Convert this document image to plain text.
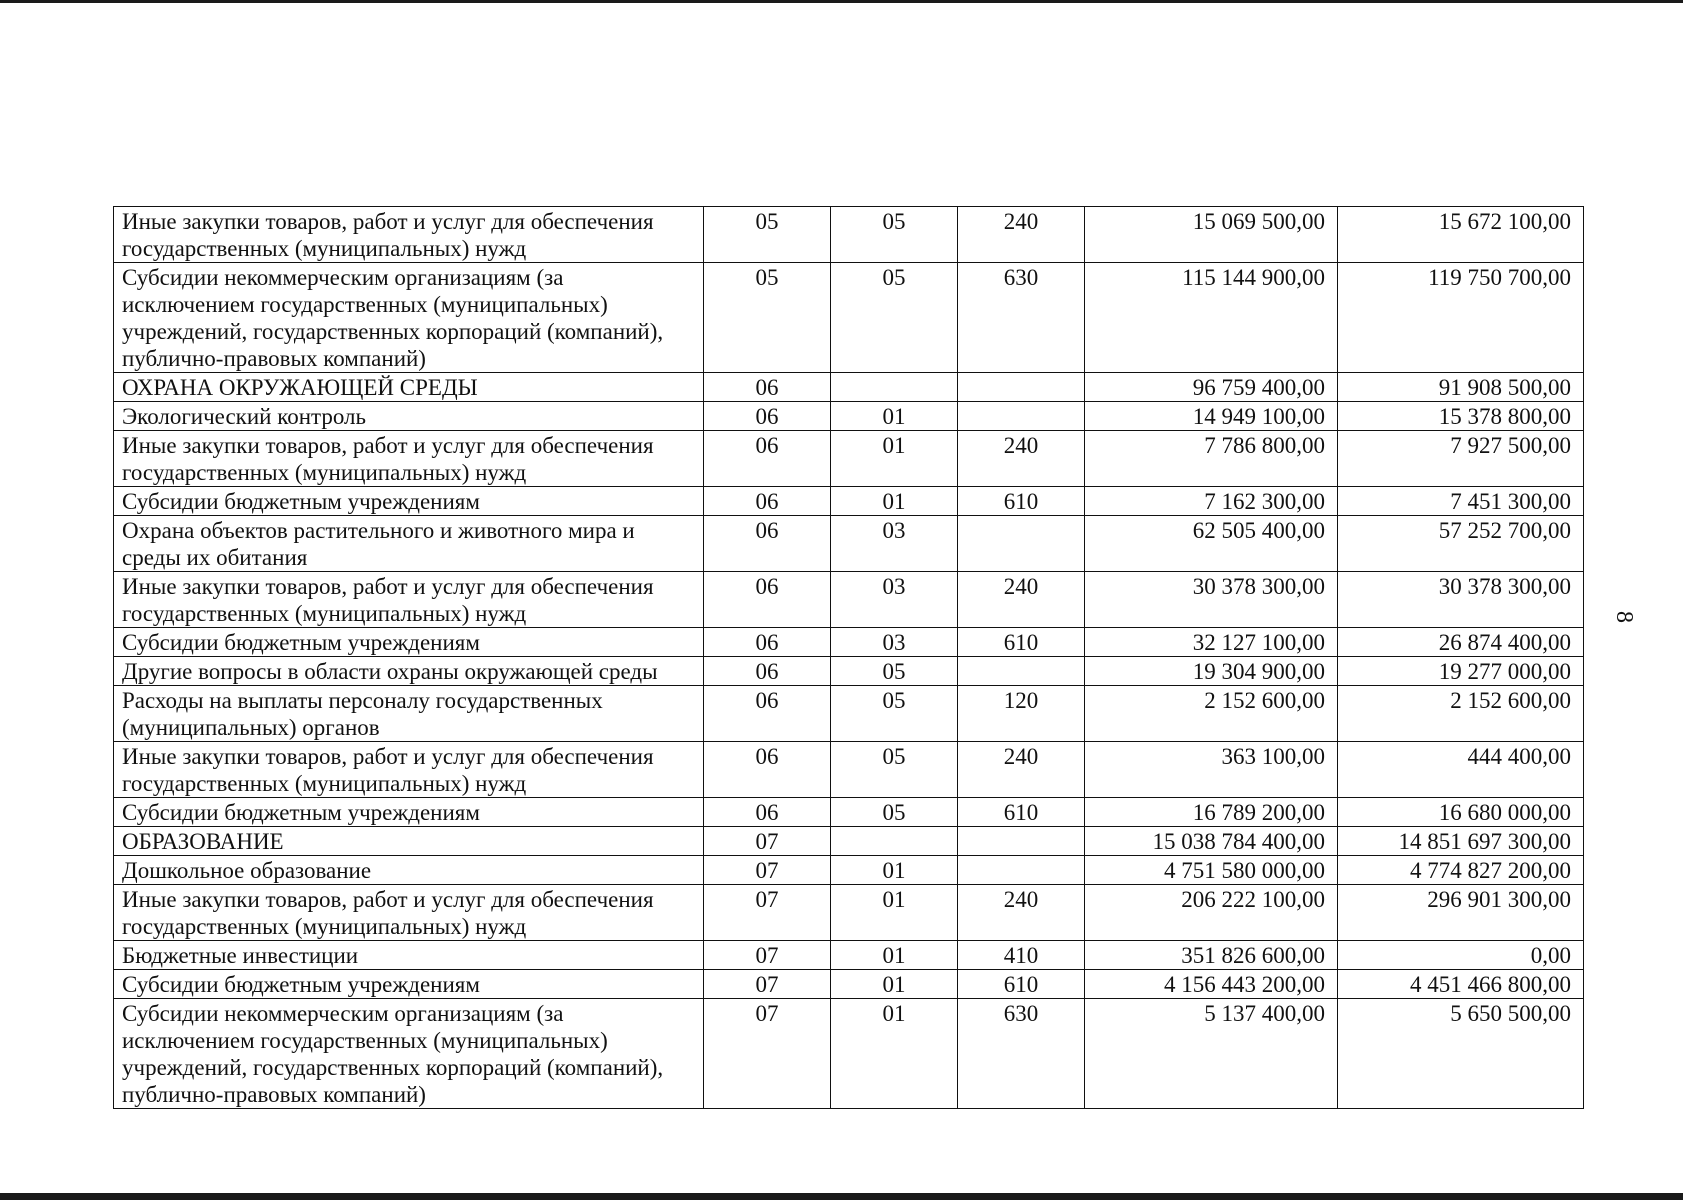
Иные закупки товаров, работ и услуг для обеспечения государственных (муниципальных) нужд	05	05	240	15 069 500,00	15 672 100,00
Субсидии некоммерческим организациям (за исключением государственных (муниципальных) учреждений, государственных корпораций (компаний), публично-правовых компаний)	05	05	630	115 144 900,00	119 750 700,00
ОХРАНА ОКРУЖАЮЩЕЙ СРЕДЫ	06			96 759 400,00	91 908 500,00
Экологический контроль	06	01		14 949 100,00	15 378 800,00
Иные закупки товаров, работ и услуг для обеспечения государственных (муниципальных) нужд	06	01	240	7 786 800,00	7 927 500,00
Субсидии бюджетным учреждениям	06	01	610	7 162 300,00	7 451 300,00
Охрана объектов растительного и животного мира и среды их обитания	06	03		62 505 400,00	57 252 700,00
Иные закупки товаров, работ и услуг для обеспечения государственных (муниципальных) нужд	06	03	240	30 378 300,00	30 378 300,00
Субсидии бюджетным учреждениям	06	03	610	32 127 100,00	26 874 400,00
Другие вопросы в области охраны окружающей среды	06	05		19 304 900,00	19 277 000,00
Расходы на выплаты персоналу государственных (муниципальных) органов	06	05	120	2 152 600,00	2 152 600,00
Иные закупки товаров, работ и услуг для обеспечения государственных (муниципальных) нужд	06	05	240	363 100,00	444 400,00
Субсидии бюджетным учреждениям	06	05	610	16 789 200,00	16 680 000,00
ОБРАЗОВАНИЕ	07			15 038 784 400,00	14 851 697 300,00
Дошкольное образование	07	01		4 751 580 000,00	4 774 827 200,00
Иные закупки товаров, работ и услуг для обеспечения государственных (муниципальных) нужд	07	01	240	206 222 100,00	296 901 300,00
Бюджетные инвестиции	07	01	410	351 826 600,00	0,00
Субсидии бюджетным учреждениям	07	01	610	4 156 443 200,00	4 451 466 800,00
Субсидии некоммерческим организациям (за исключением государственных (муниципальных) учреждений, государственных корпораций (компаний), публично-правовых компаний)	07	01	630	5 137 400,00	5 650 500,00
8
